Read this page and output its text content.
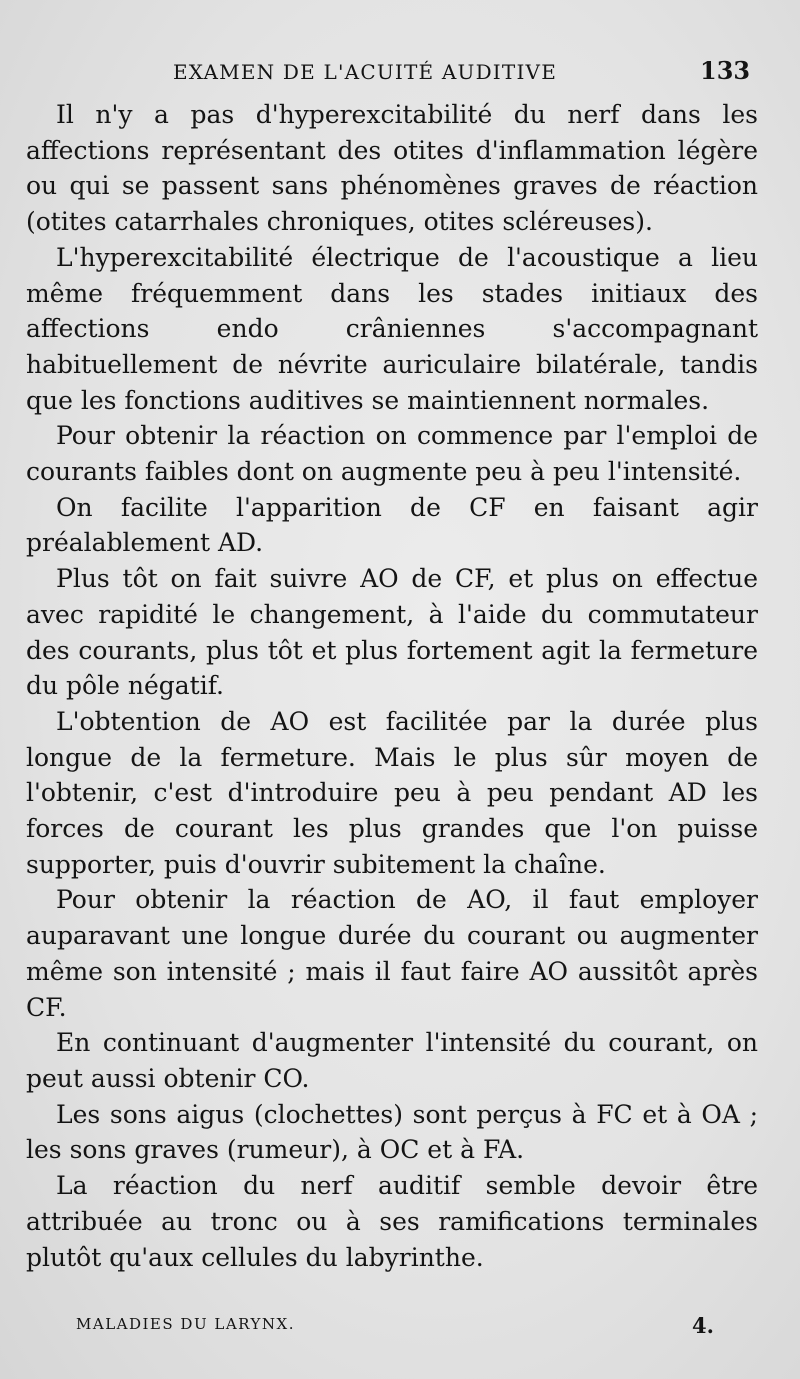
EXAMEN DE L'ACUITÉ AUDITIVE	133

Il n'y a pas d'hyperexcitabilité du nerf dans les affections représentant des otites d'inflammation légère ou qui se passent sans phénomènes graves de réaction (otites catarrhales chroniques, otites scléreuses).

L'hyperexcitabilité électrique de l'acoustique a lieu même fréquemment dans les stades initiaux des affections endo crâniennes s'accompagnant habituellement de névrite auriculaire bilatérale, tandis que les fonctions auditives se maintiennent normales.

Pour obtenir la réaction on commence par l'emploi de courants faibles dont on augmente peu à peu l'intensité.

On facilite l'apparition de CF en faisant agir préalablement AD.

Plus tôt on fait suivre AO de CF, et plus on effectue avec rapidité le changement, à l'aide du commutateur des courants, plus tôt et plus fortement agit la fermeture du pôle négatif.

L'obtention de AO est facilitée par la durée plus longue de la fermeture. Mais le plus sûr moyen de l'obtenir, c'est d'introduire peu à peu pendant AD les forces de courant les plus grandes que l'on puisse supporter, puis d'ouvrir subitement la chaîne.

Pour obtenir la réaction de AO, il faut employer auparavant une longue durée du courant ou augmenter même son intensité ; mais il faut faire AO aussitôt après CF.

En continuant d'augmenter l'intensité du courant, on peut aussi obtenir CO.

Les sons aigus (clochettes) sont perçus à FC et à OA ; les sons graves (rumeur), à OC et à FA.

La réaction du nerf auditif semble devoir être attribuée au tronc ou à ses ramifications terminales plutôt qu'aux cellules du labyrinthe.

MALADIES DU LARYNX.	4.
